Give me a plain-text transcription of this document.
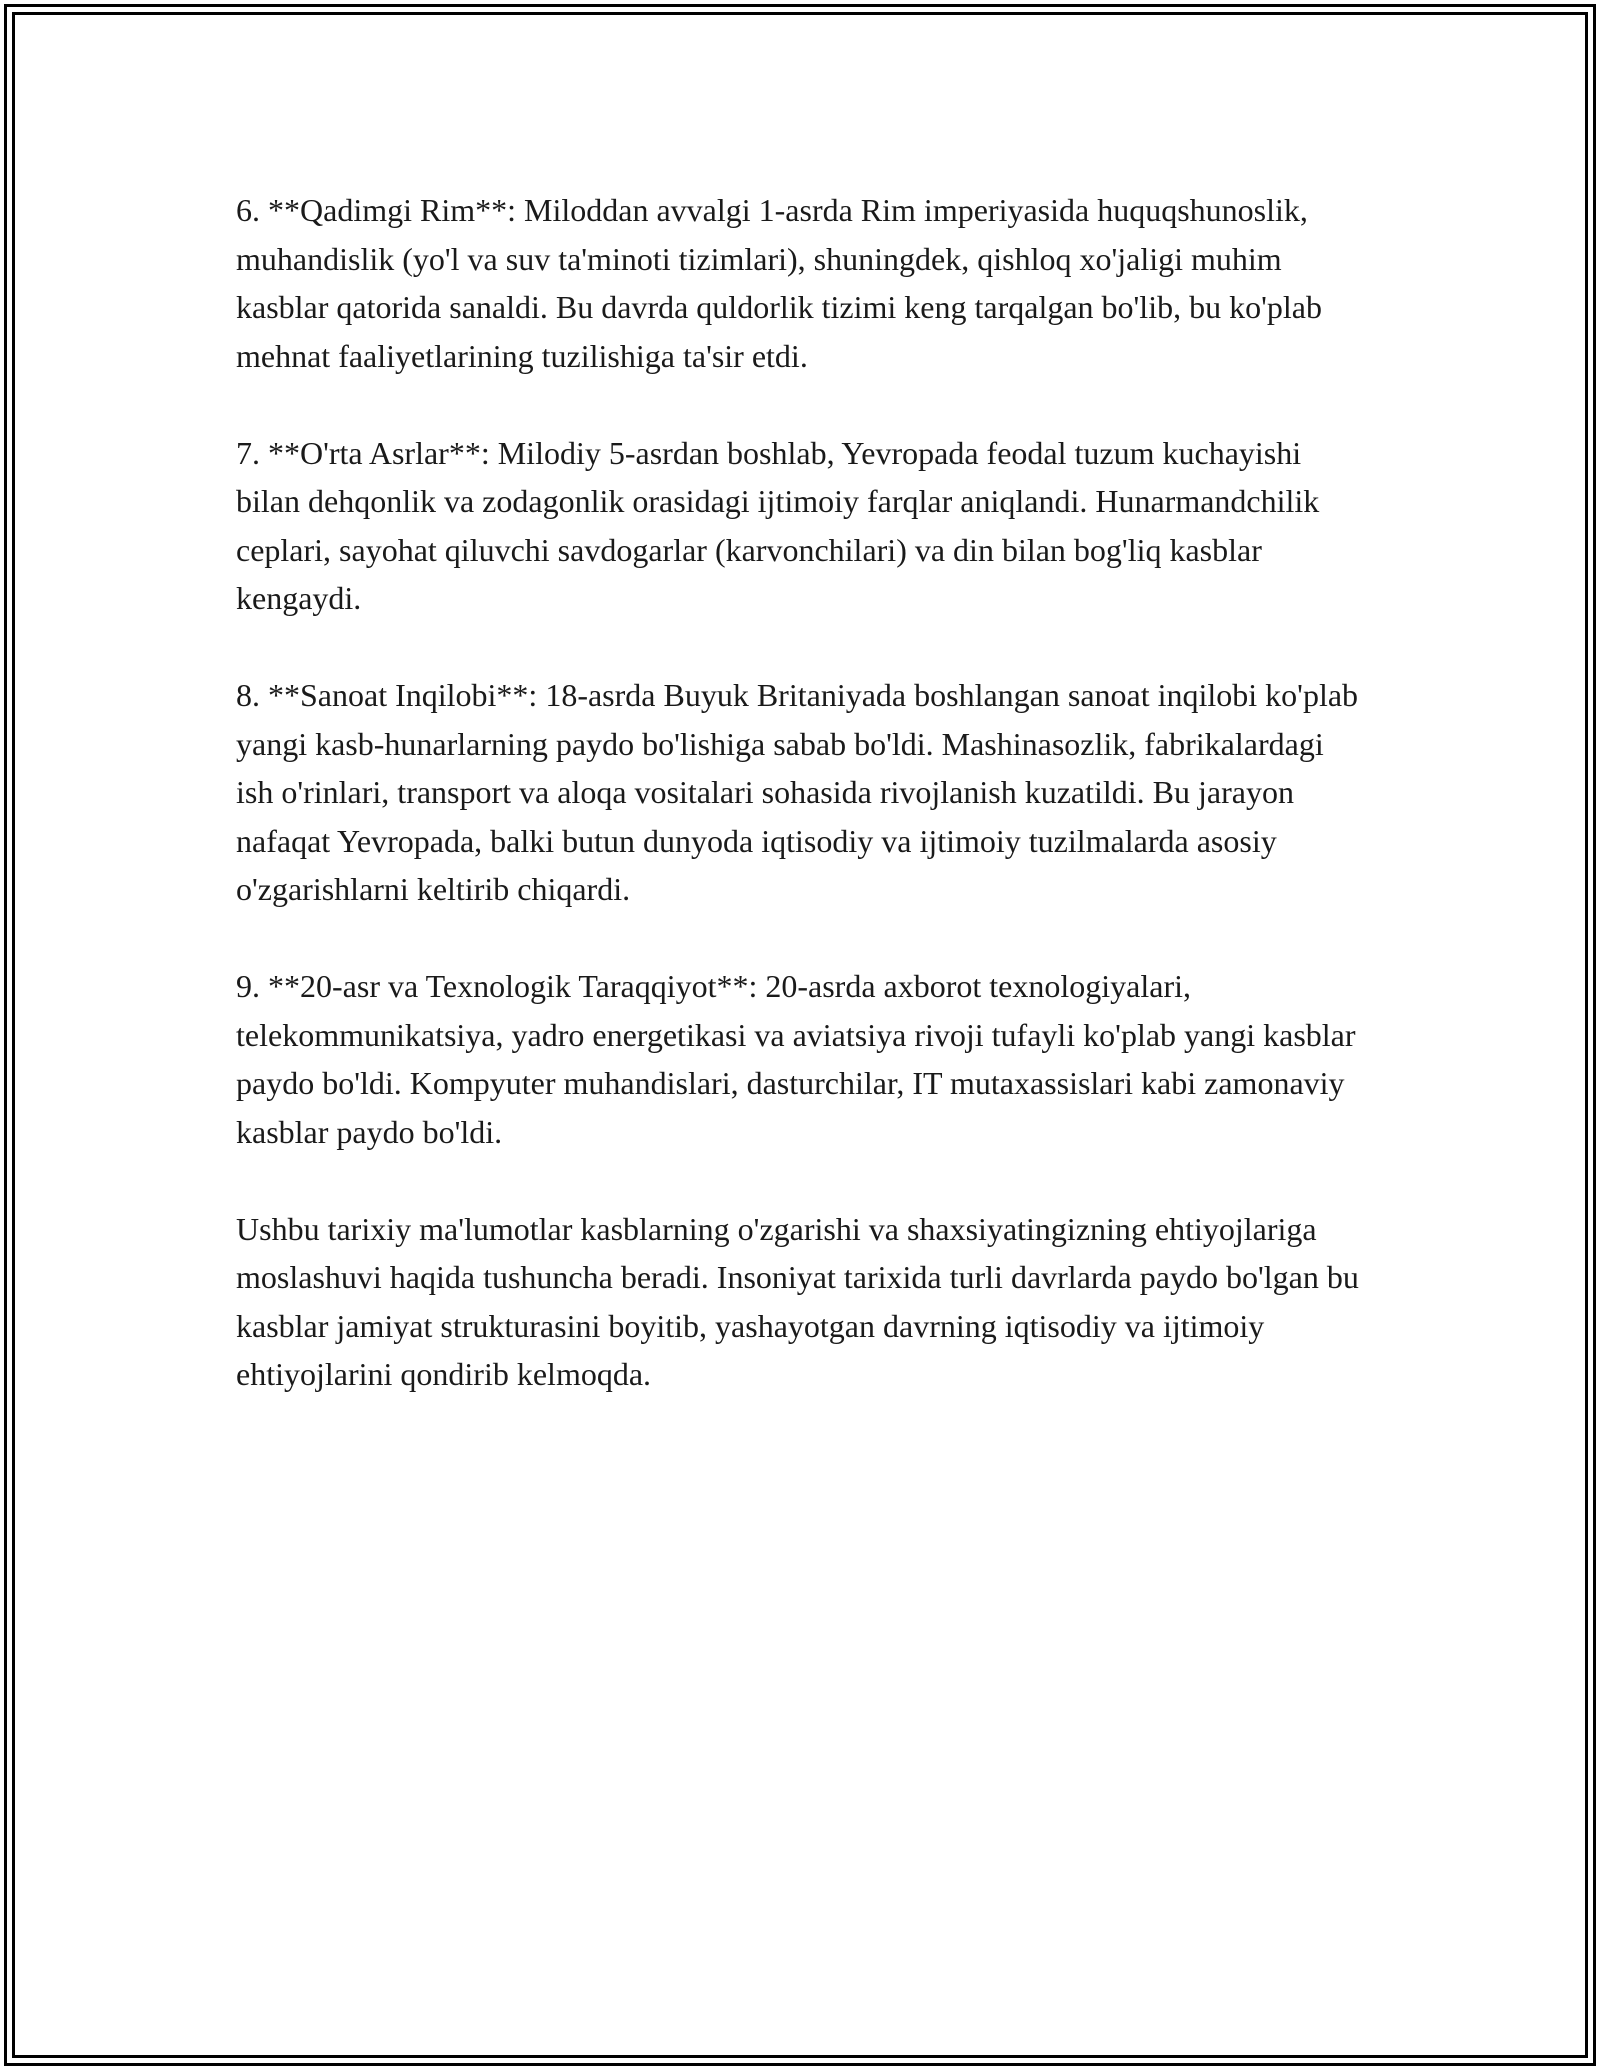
6. **Qadimgi Rim**: Miloddan avvalgi 1-asrda Rim imperiyasida huquqshunoslik, muhandislik (yo'l va suv ta'minoti tizimlari), shuningdek, qishloq xo'jaligi muhim kasblar qatorida sanaldi. Bu davrda quldorlik tizimi keng tarqalgan bo'lib, bu ko'plab mehnat faaliyetlarining tuzilishiga ta'sir etdi.

7. **O'rta Asrlar**: Milodiy 5-asrdan boshlab, Yevropada feodal tuzum kuchayishi bilan dehqonlik va zodagonlik orasidagi ijtimoiy farqlar aniqlandi. Hunarmandchilik ceplari, sayohat qiluvchi savdogarlar (karvonchilari) va din bilan bog'liq kasblar kengaydi.

8. **Sanoat Inqilobi**: 18-asrda Buyuk Britaniyada boshlangan sanoat inqilobi ko'plab yangi kasb-hunarlarning paydo bo'lishiga sabab bo'ldi. Mashinasozlik, fabrikalardagi ish o'rinlari, transport va aloqa vositalari sohasida rivojlanish kuzatildi. Bu jarayon nafaqat Yevropada, balki butun dunyoda iqtisodiy va ijtimoiy tuzilmalarda asosiy o'zgarishlarni keltirib chiqardi.

9. **20-asr va Texnologik Taraqqiyot**: 20-asrda axborot texnologiyalari, telekommunikatsiya, yadro energetikasi va aviatsiya rivoji tufayli ko'plab yangi kasblar paydo bo'ldi. Kompyuter muhandislari, dasturchilar, IT mutaxassislari kabi zamonaviy kasblar paydo bo'ldi.

Ushbu tarixiy ma'lumotlar kasblarning o'zgarishi va shaxsiyatingizning ehtiyojlariga moslashuvi haqida tushuncha beradi. Insoniyat tarixida turli davrlarda paydo bo'lgan bu kasblar jamiyat strukturasini boyitib, yashayotgan davrning iqtisodiy va ijtimoiy ehtiyojlarini qondirib kelmoqda.
